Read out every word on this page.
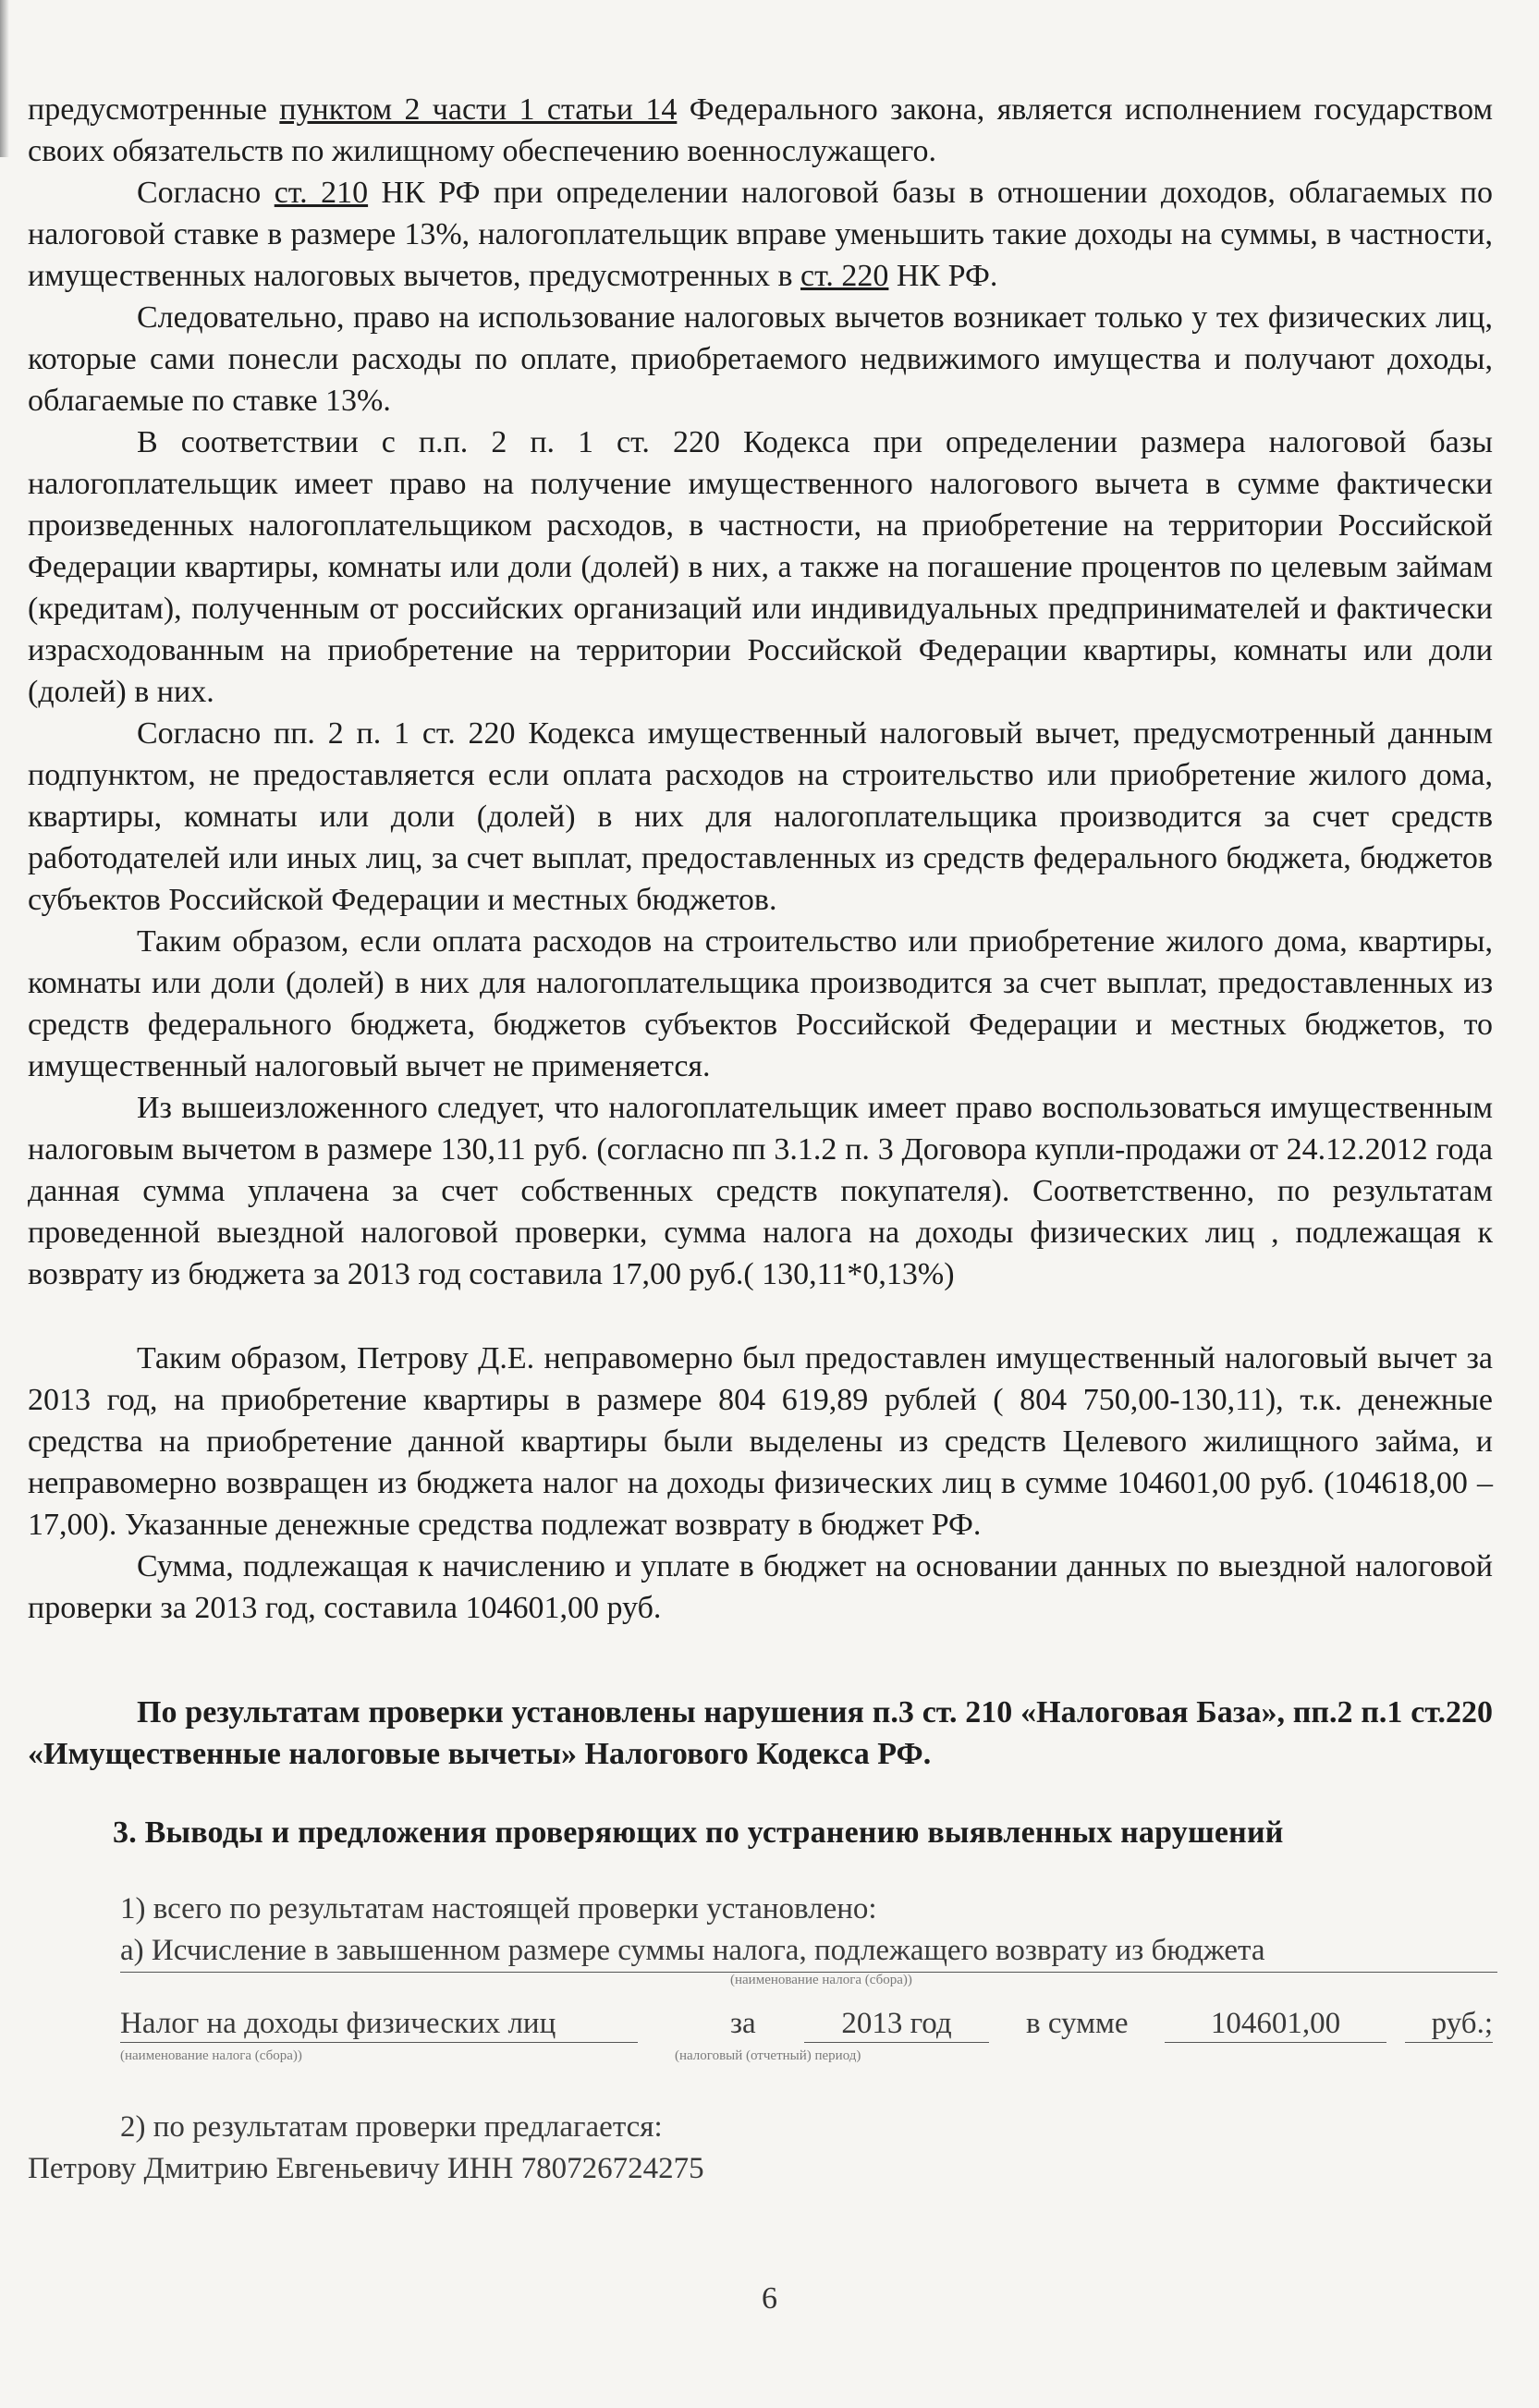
предусмотренные пунктом 2 части 1 статьи 14 Федерального закона, является исполнением государством своих обязательств по жилищному обеспечению военнослужащего.

Согласно ст. 210 НК РФ при определении налоговой базы в отношении доходов, облагаемых по налоговой ставке в размере 13%, налогоплательщик вправе уменьшить такие доходы на суммы, в частности, имущественных налоговых вычетов, предусмотренных в ст. 220 НК РФ.

Следовательно, право на использование налоговых вычетов возникает только у тех физических лиц, которые сами понесли расходы по оплате, приобретаемого недвижимого имущества и получают доходы, облагаемые по ставке 13%.

В соответствии с п.п. 2 п. 1 ст. 220 Кодекса при определении размера налоговой базы налогоплательщик имеет право на получение имущественного налогового вычета в сумме фактически произведенных налогоплательщиком расходов, в частности, на приобретение на территории Российской Федерации квартиры, комнаты или доли (долей) в них, а также на погашение процентов по целевым займам (кредитам), полученным от российских организаций или индивидуальных предпринимателей и фактически израсходованным на приобретение на территории Российской Федерации квартиры, комнаты или доли (долей) в них.

Согласно пп. 2 п. 1 ст. 220 Кодекса имущественный налоговый вычет, предусмотренный данным подпунктом, не предоставляется если оплата расходов на строительство или приобретение жилого дома, квартиры, комнаты или доли (долей) в них для налогоплательщика производится за счет средств работодателей или иных лиц, за счет выплат, предоставленных из средств федерального бюджета, бюджетов субъектов Российской Федерации и местных бюджетов.

Таким образом, если оплата расходов на строительство или приобретение жилого дома, квартиры, комнаты или доли (долей) в них для налогоплательщика производится за счет выплат, предоставленных из средств федерального бюджета, бюджетов субъектов Российской Федерации и местных бюджетов, то имущественный налоговый вычет не применяется.

Из вышеизложенного следует, что налогоплательщик имеет право воспользоваться имущественным налоговым вычетом в размере 130,11 руб. (согласно пп 3.1.2 п. 3 Договора купли-продажи от 24.12.2012 года данная сумма уплачена за счет собственных средств покупателя). Соответственно, по результатам проведенной выездной налоговой проверки, сумма налога на доходы физических лиц , подлежащая к возврату из бюджета за 2013 год составила 17,00 руб.( 130,11*0,13%)

Таким образом, Петрову Д.Е. неправомерно был предоставлен имущественный налоговый вычет за 2013 год, на приобретение квартиры в размере 804 619,89 рублей ( 804 750,00-130,11), т.к. денежные средства на приобретение данной квартиры были выделены из средств Целевого жилищного займа, и неправомерно возвращен из бюджета налог на доходы физических лиц в сумме 104601,00 руб. (104618,00 – 17,00). Указанные денежные средства подлежат возврату в бюджет РФ.

Сумма, подлежащая к начислению и уплате в бюджет на основании данных по выездной налоговой проверки за 2013 год, составила 104601,00 руб.

По результатам проверки установлены нарушения п.3 ст. 210 «Налоговая База», пп.2 п.1 ст.220 «Имущественные налоговые вычеты» Налогового Кодекса РФ.

3. Выводы и предложения проверяющих по устранению выявленных нарушений

1) всего по результатам настоящей проверки установлено:
а) Исчисление в завышенном размере суммы налога, подлежащего возврату из бюджета
(наименование налога (сбора))
Налог на доходы физических лиц	за	2013 год	в сумме	104601,00	руб.;
(наименование налога (сбора))	(налоговый (отчетный) период)
2) по результатам проверки предлагается:
Петрову Дмитрию Евгеньевичу ИНН 780726724275
6
